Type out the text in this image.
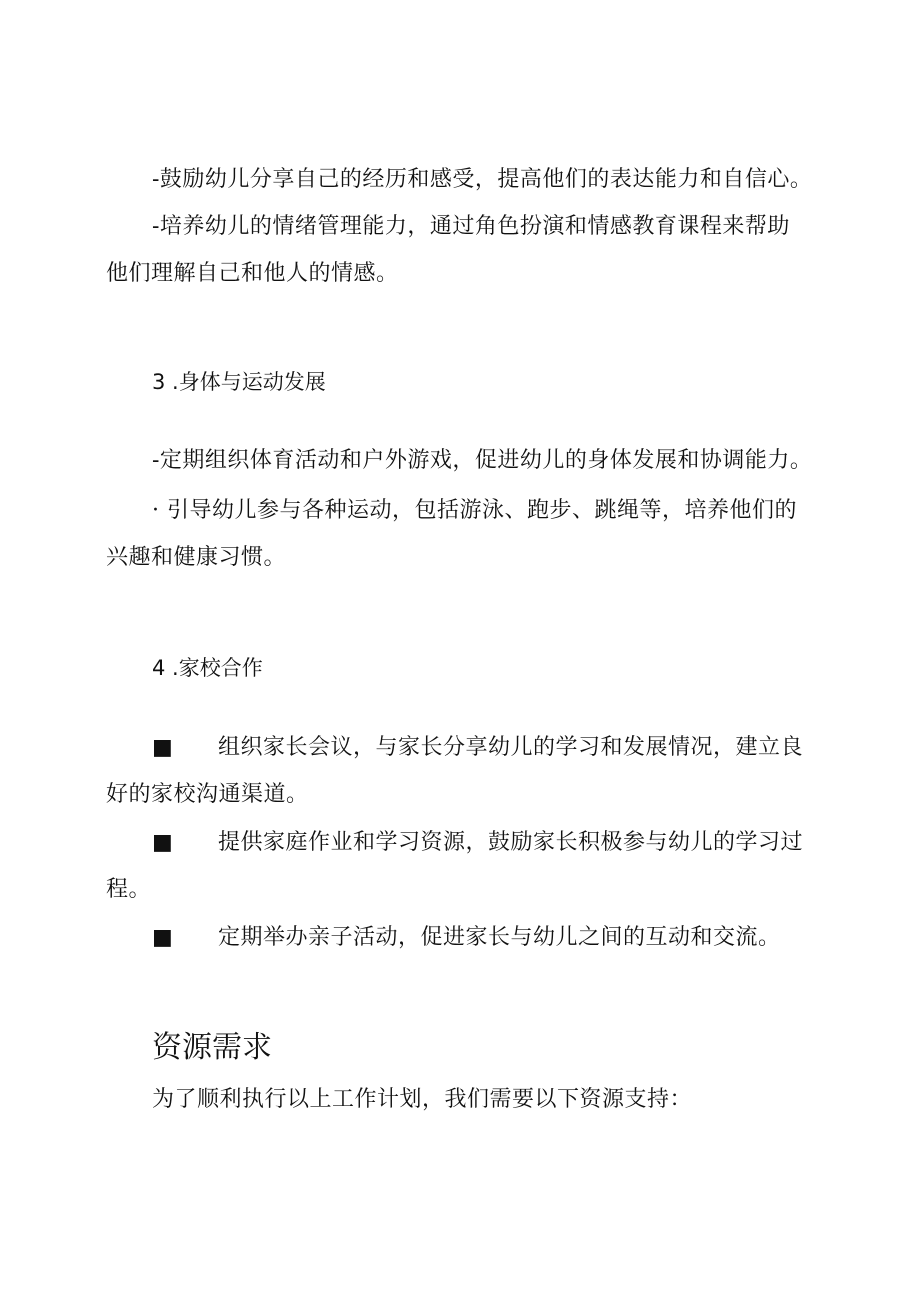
-鼓励幼儿分享自己的经历和感受，提高他们的表达能力和自信心。
-培养幼儿的情绪管理能力，通过角色扮演和情感教育课程来帮助
他们理解自己和他人的情感。
3 .身体与运动发展
-定期组织体育活动和户外游戏，促进幼儿的身体发展和协调能力。
· 引导幼儿参与各种运动，包括游泳、跑步、跳绳等，培养他们的
兴趣和健康习惯。
4 .家校合作
■ 组织家长会议，与家长分享幼儿的学习和发展情况，建立良
好的家校沟通渠道。
■ 提供家庭作业和学习资源，鼓励家长积极参与幼儿的学习过
程。
■ 定期举办亲子活动，促进家长与幼儿之间的互动和交流。
资源需求
为了顺利执行以上工作计划，我们需要以下资源支持：
